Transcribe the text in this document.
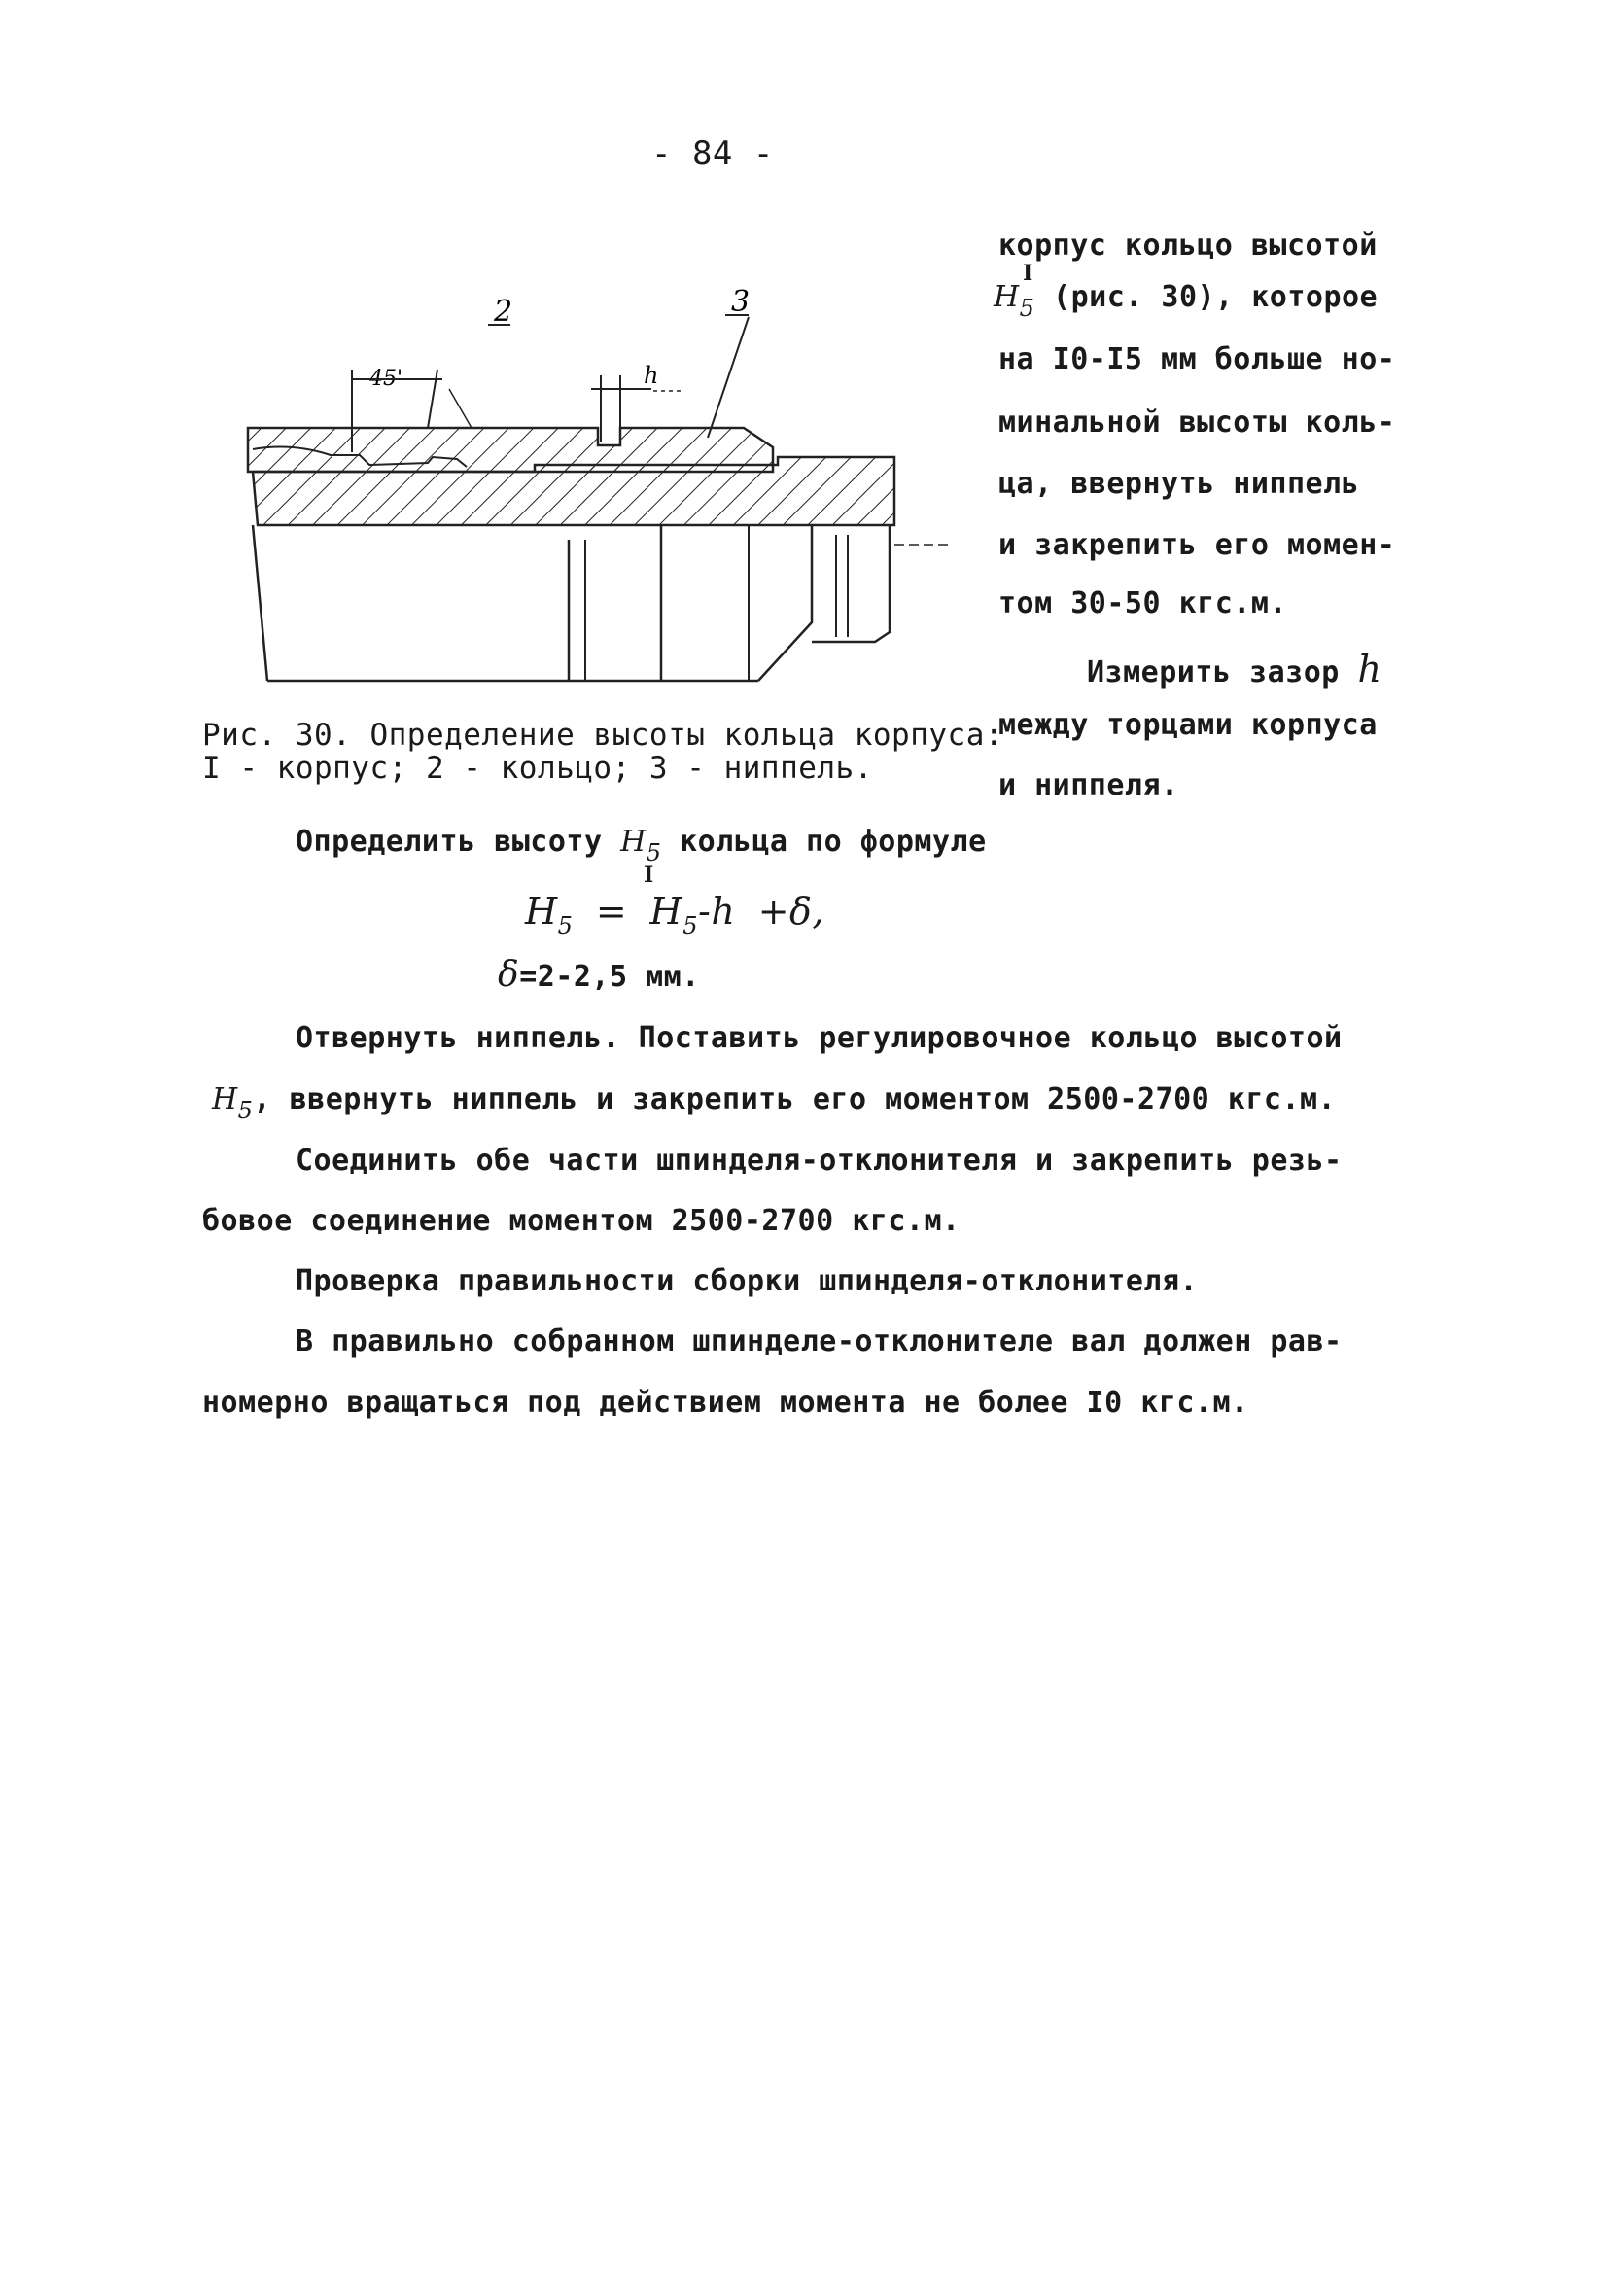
- 84 -
2	3
45'	h
Рис. 30. Определение высоты кольца корпуса:
I - корпус; 2 - кольцо; 3 - ниппель.
корпус кольцо высотой
I
$H_5$ (рис. 30), которое
на I0-I5 мм больше но-
минальной высоты коль-
ца, ввернуть ниппель
и закрепить его момен-
том 30-50 кгс.м.
Измерить зазор h
между торцами корпуса
и ниппеля.
Определить высоту $H_5$ кольца по формуле
I
$H_5 = H_5-h +\delta$,
δ=2-2,5 мм.
Отвернуть ниппель. Поставить регулировочное кольцо высотой
$H_5$, ввернуть ниппель и закрепить его моментом 2500-2700 кгс.м.
Соединить обе части шпинделя-отклонителя и закрепить резь-
бовое соединение моментом 2500-2700 кгс.м.
Проверка правильности сборки шпинделя-отклонителя.
В правильно собранном шпинделе-отклонителе вал должен рав-
номерно вращаться под действием момента не более I0 кгс.м.
